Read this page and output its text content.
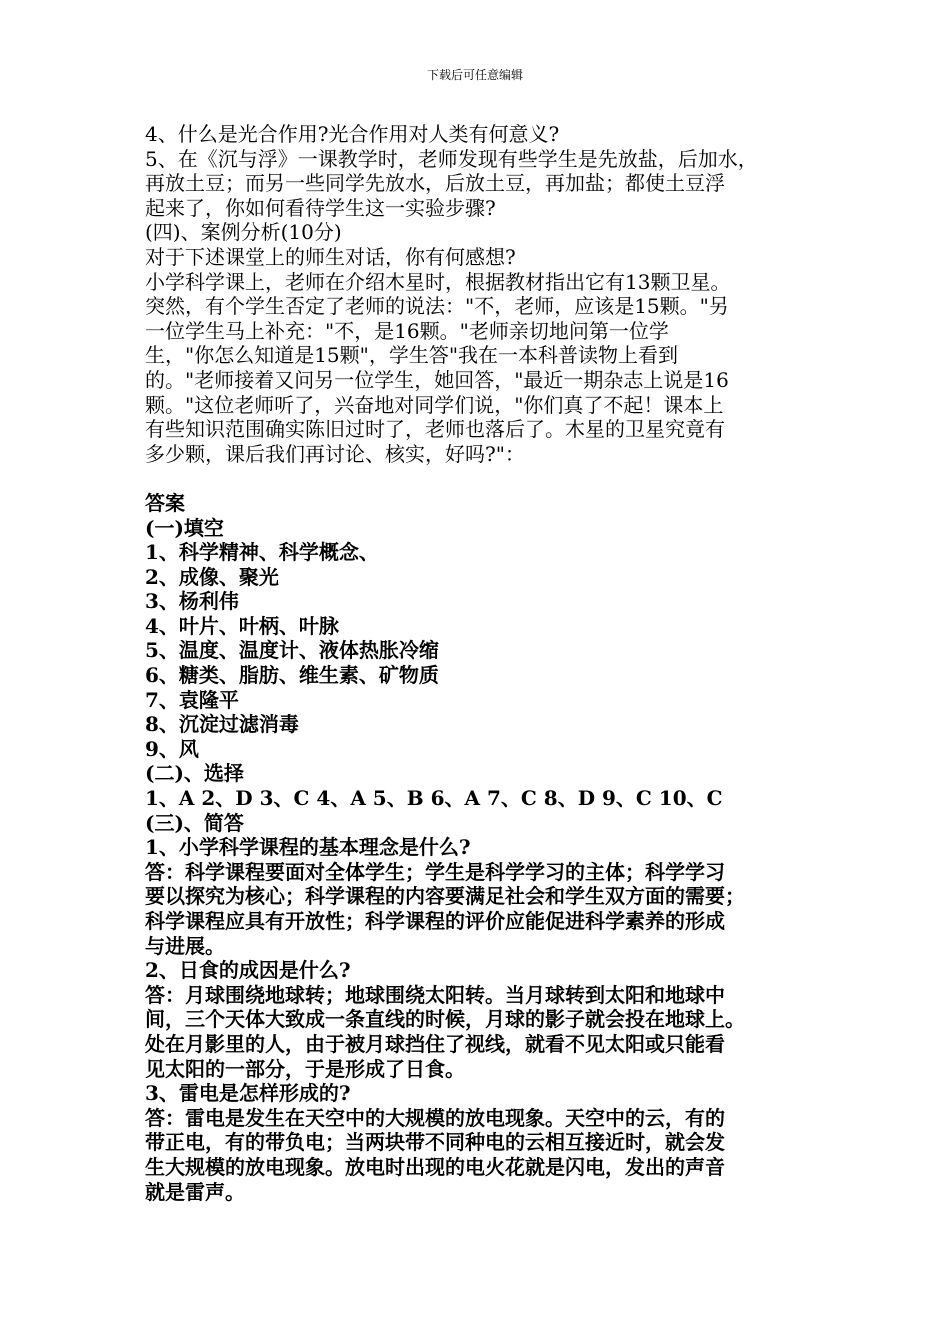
下载后可任意编辑

4、什么是光合作用?光合作用对人类有何意义?

5、在《沉与浮》一课教学时，老师发现有些学生是先放盐，后加水，

再放土豆；而另一些同学先放水，后放土豆，再加盐；都使土豆浮

起来了，你如何看待学生这一实验步骤?

(四)、案例分析(10分)

对于下述课堂上的师生对话，你有何感想?

小学科学课上，老师在介绍木星时，根据教材指出它有13颗卫星。

突然，有个学生否定了老师的说法："不，老师，应该是15颗。"另

一位学生马上补充："不，是16颗。"老师亲切地问第一位学

生，"你怎么知道是15颗"，学生答"我在一本科普读物上看到

的。"老师接着又问另一位学生，她回答，"最近一期杂志上说是16

颗。"这位老师听了，兴奋地对同学们说，"你们真了不起！课本上

有些知识范围确实陈旧过时了，老师也落后了。木星的卫星究竟有

多少颗，课后我们再讨论、核实，好吗?"：

答案

(一)填空

1、科学精神、科学概念、

2、成像、聚光

3、杨利伟

4、叶片、叶柄、叶脉

5、温度、温度计、液体热胀冷缩

6、糖类、脂肪、维生素、矿物质

7、袁隆平

8、沉淀过滤消毒

9、风

(二)、选择

1、A 2、D 3、C 4、A 5、B 6、A 7、C 8、D 9、C 10、C

(三)、简答

1、小学科学课程的基本理念是什么?

答：科学课程要面对全体学生；学生是科学学习的主体；科学学习

要以探究为核心；科学课程的内容要满足社会和学生双方面的需要；

科学课程应具有开放性；科学课程的评价应能促进科学素养的形成

与进展。

2、日食的成因是什么?

答：月球围绕地球转；地球围绕太阳转。当月球转到太阳和地球中

间，三个天体大致成一条直线的时候，月球的影子就会投在地球上。

处在月影里的人，由于被月球挡住了视线，就看不见太阳或只能看

见太阳的一部分，于是形成了日食。

3、雷电是怎样形成的?

答：雷电是发生在天空中的大规模的放电现象。天空中的云，有的

带正电，有的带负电；当两块带不同种电的云相互接近时，就会发

生大规模的放电现象。放电时出现的电火花就是闪电，发出的声音

就是雷声。
